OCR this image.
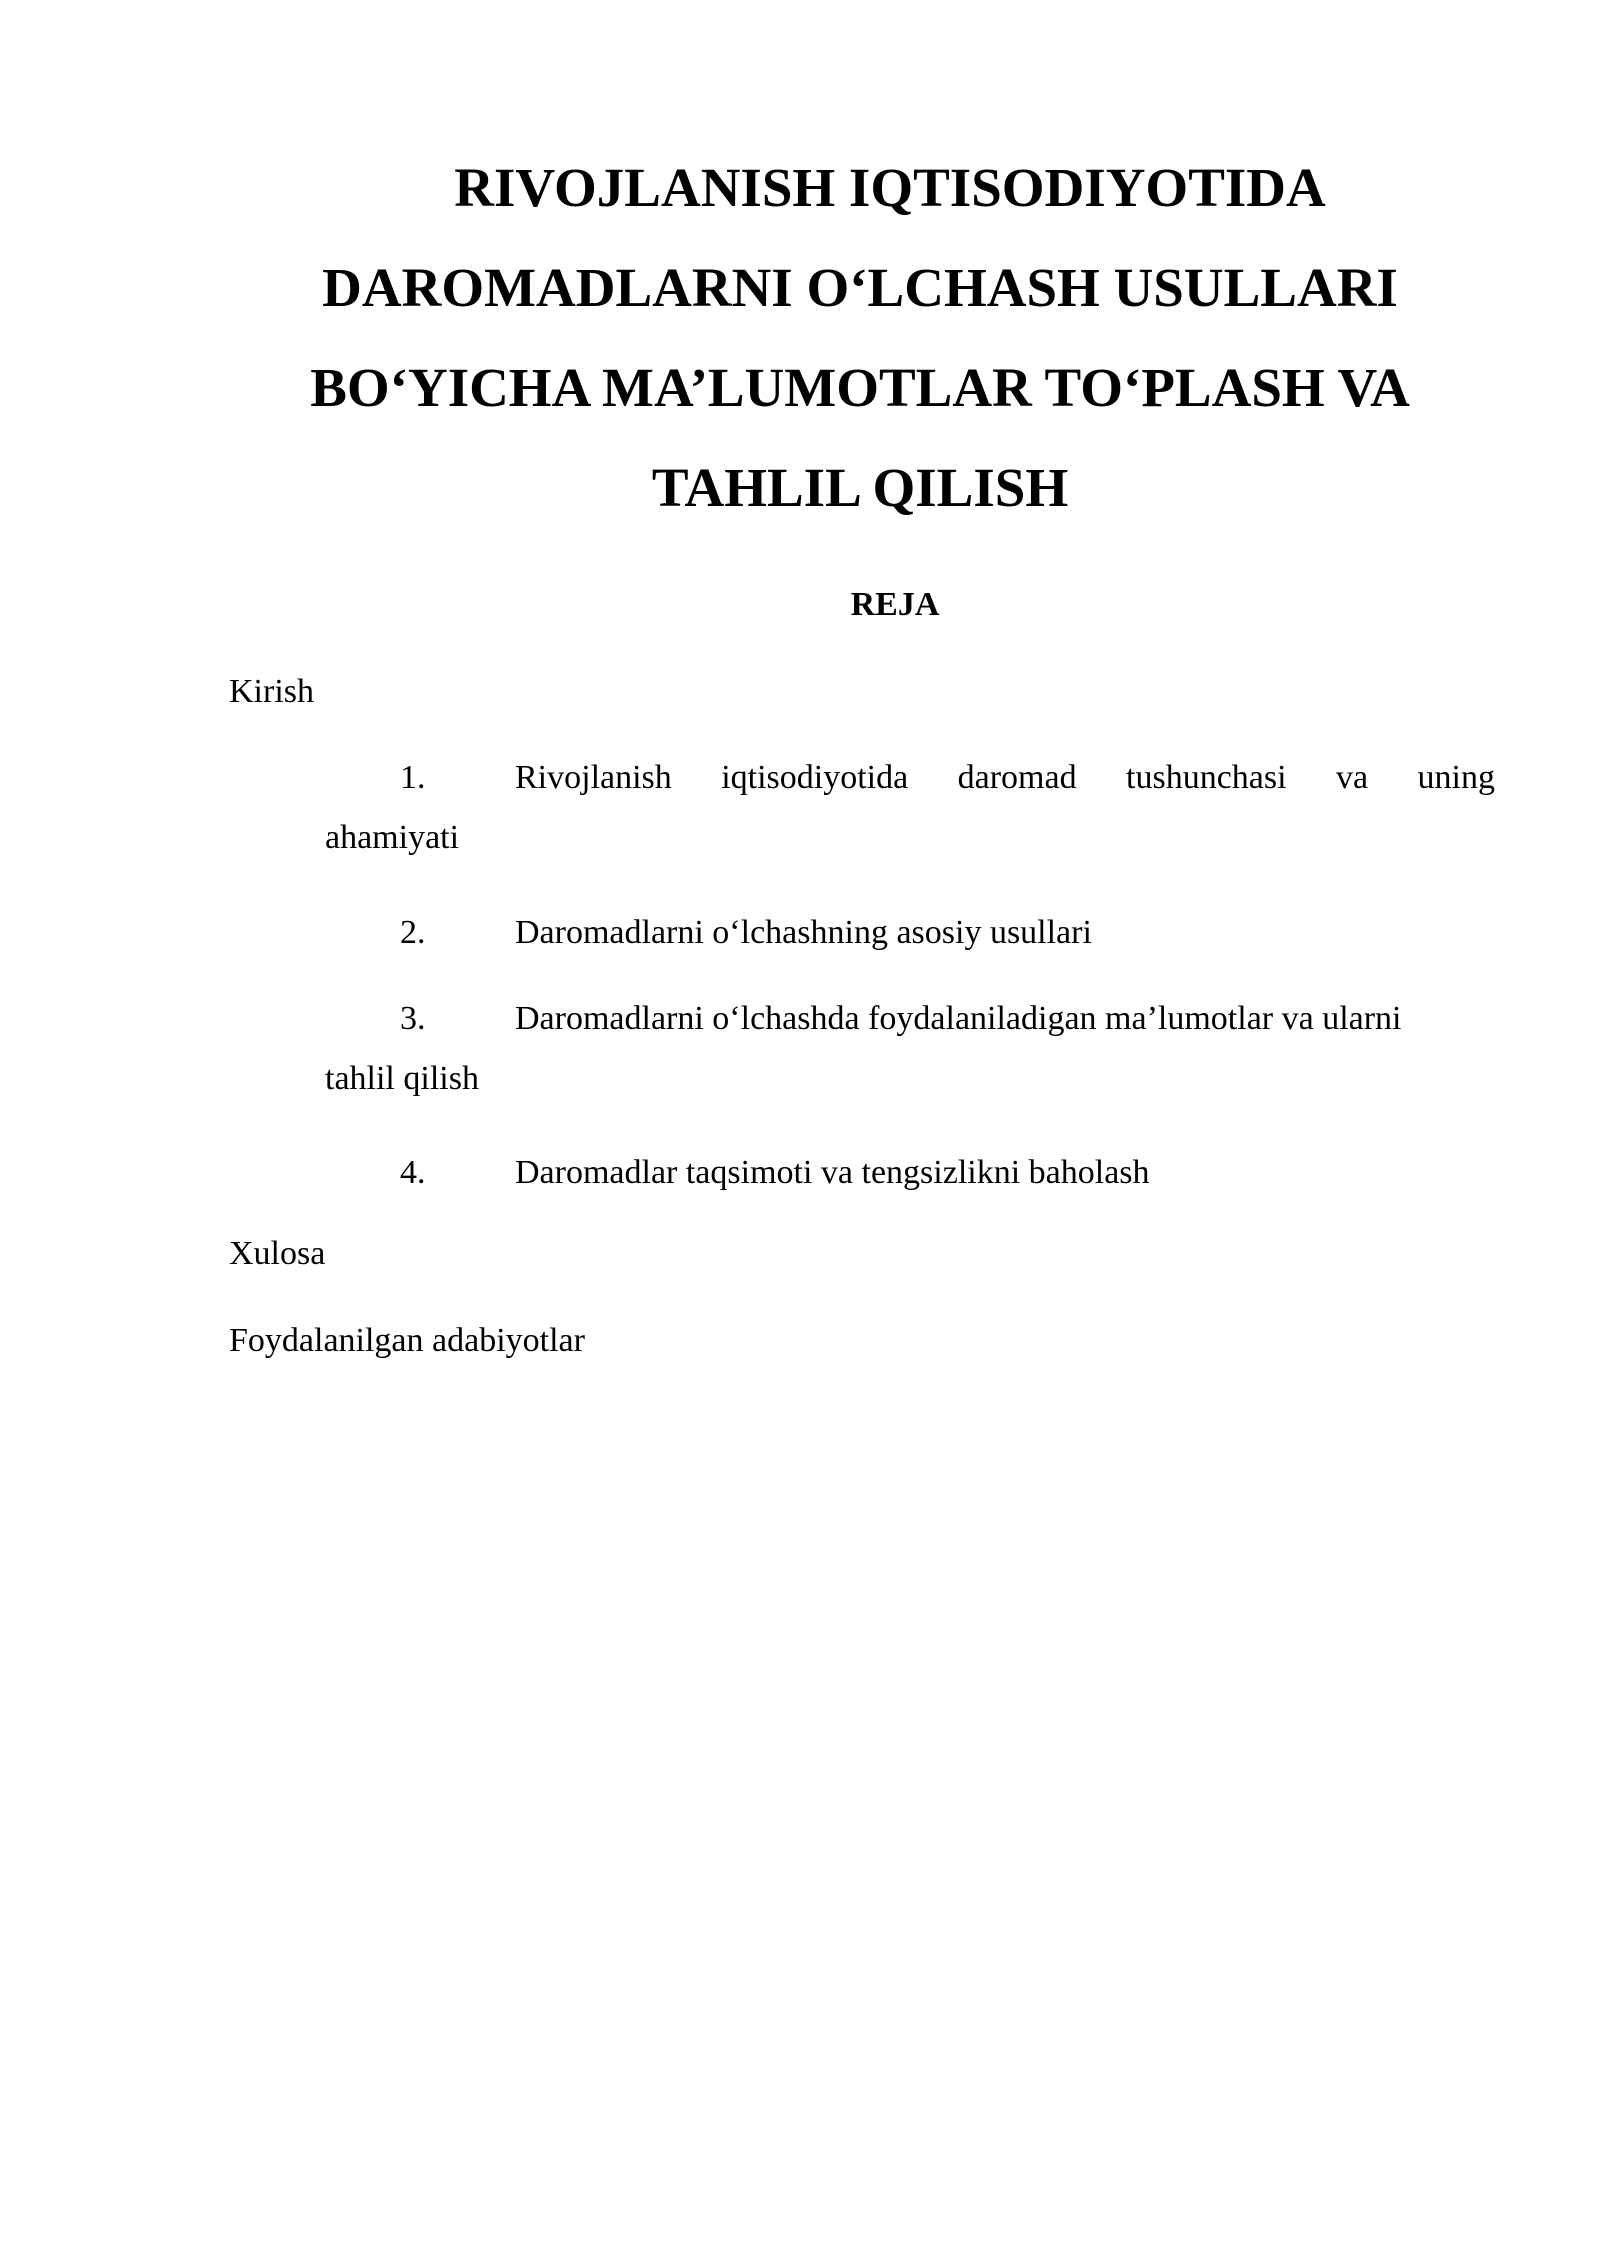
RIVOJLANISH IQTISODIYOTIDA
DAROMADLARNI O‘LCHASH USULLARI
BO‘YICHA MA’LUMOTLAR TO‘PLASH VA
TAHLIL QILISH

REJA

Kirish

1.	Rivojlanish iqtisodiyotida daromad tushunchasi va uning
ahamiyati
2.	Daromadlarni o‘lchashning asosiy usullari
3.	Daromadlarni o‘lchashda foydalaniladigan ma’lumotlar va ularni
tahlil qilish
4.	Daromadlar taqsimoti va tengsizlikni baholash

Xulosa

Foydalanilgan adabiyotlar
